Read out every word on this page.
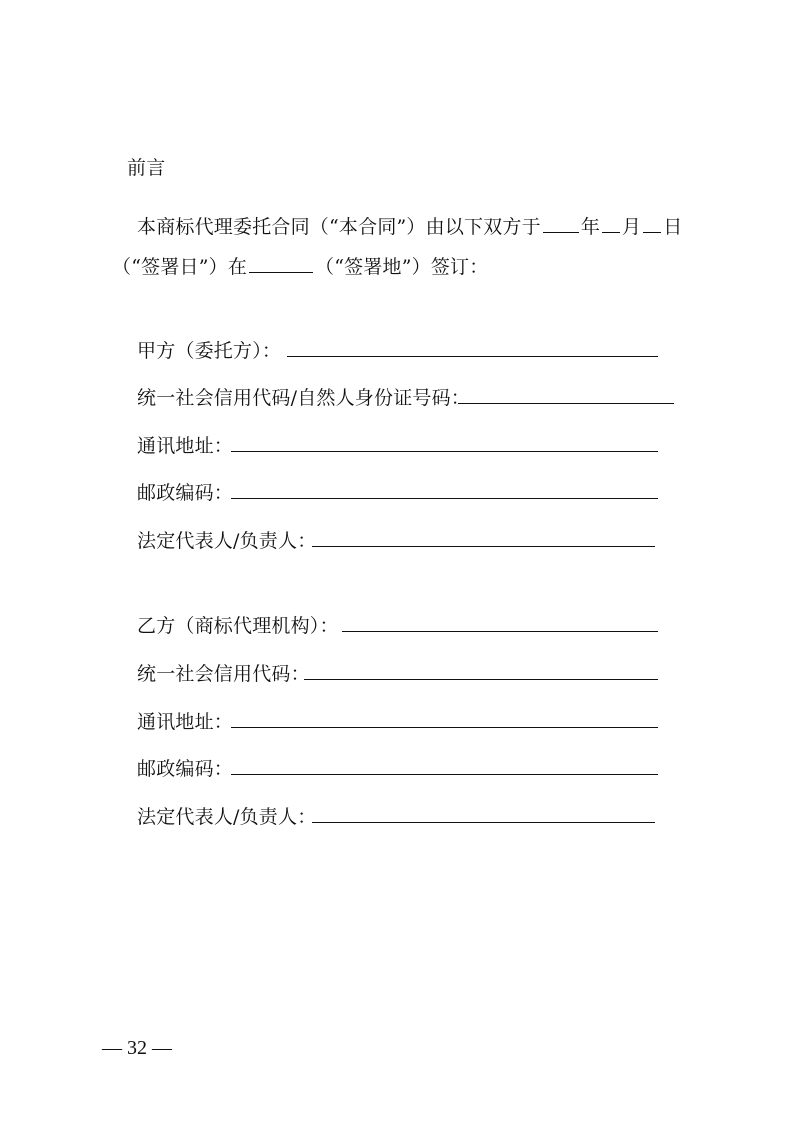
前言
本商标代理委托合同（“本合同”）由以下双方于 年 月 日
（“签署日”）在	（“签署地”）签订：
甲方（委托方）：
统一社会信用代码/自然人身份证号码：
通讯地址：
邮政编码：
法定代表人/负责人：
乙方（商标代理机构）：
统一社会信用代码：
通讯地址：
邮政编码：
法定代表人/负责人：
— 32 —
